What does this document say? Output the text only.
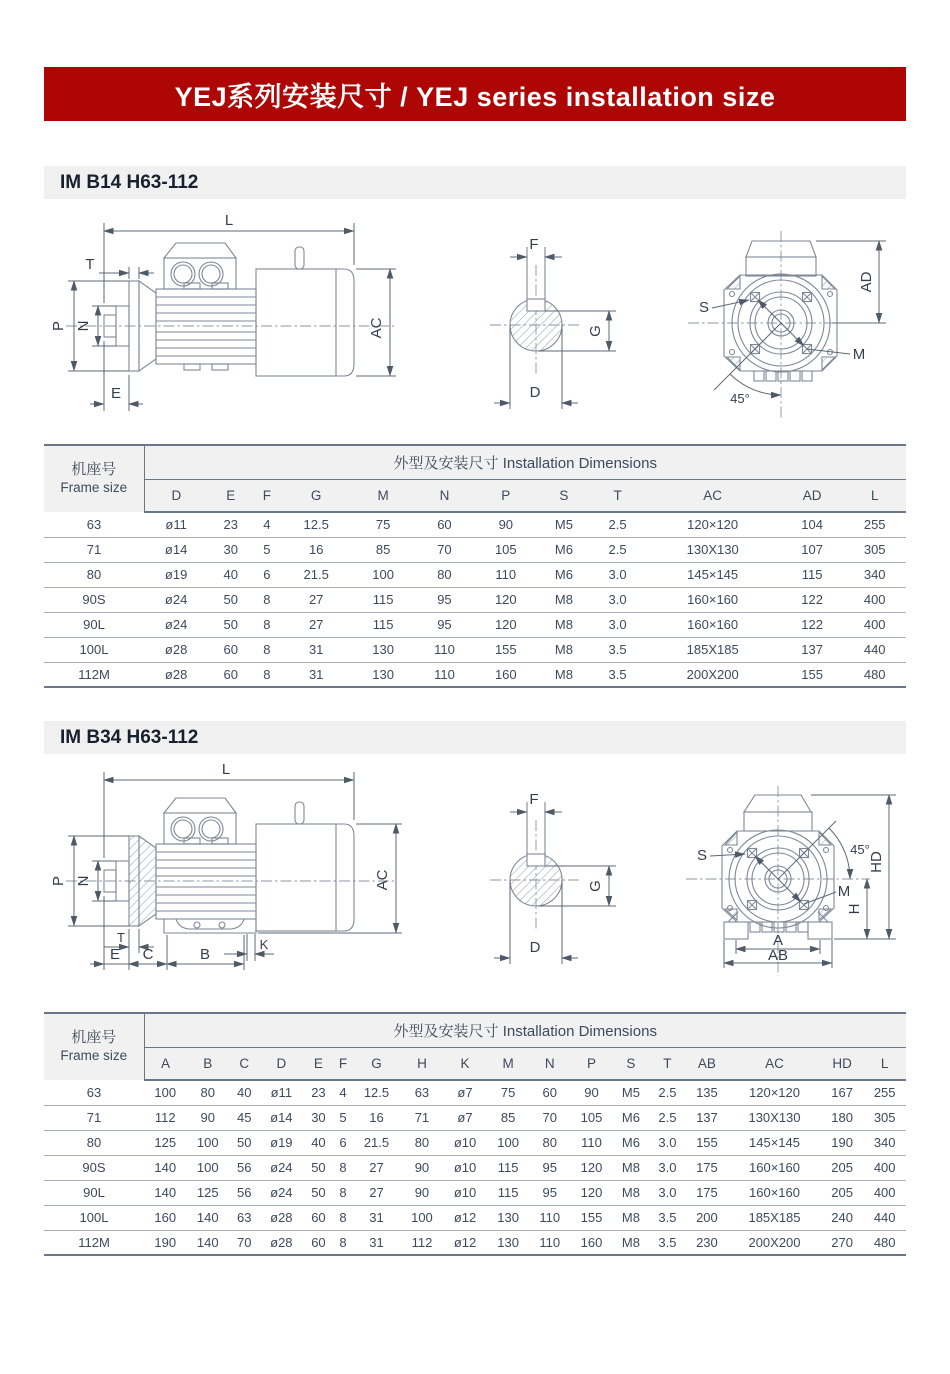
YEJ系列安装尺寸 / YEJ series installation size
IM B14 H63-112
L
T
P N
E
AC
F
G
D
S
M
AD
45°
机座号
Frame size	外型及安装尺寸 Installation Dimensions											
	D	E	F	G	M	N	P	S	T	AC	AD	L
63	ø11	23	4	12.5	75	60	90	M5	2.5	120×120	104	255
71	ø14	30	5	16	85	70	105	M6	2.5	130X130	107	305
80	ø19	40	6	21.5	100	80	110	M6	3.0	145×145	115	340
90S	ø24	50	8	27	115	95	120	M8	3.0	160×160	122	400
90L	ø24	50	8	27	115	95	120	M8	3.0	160×160	122	400
100L	ø28	60	8	31	130	110	155	M8	3.5	185X185	137	440
112M	ø28	60	8	31	130	110	160	M8	3.5	200X200	155	480
IM B34 H63-112
L
P N
T
E C	B
K
AC
F
G
D
S
M
45°
HD
H
A
AB
机座号
Frame size	外型及安装尺寸 Installation Dimensions																	
	A	B	C	D	E	F	G	H	K	M	N	P	S	T	AB	AC	HD	L
63	100	80	40	ø11	23	4	12.5	63	ø7	75	60	90	M5	2.5	135	120×120	167	255
71	112	90	45	ø14	30	5	16	71	ø7	85	70	105	M6	2.5	137	130X130	180	305
80	125	100	50	ø19	40	6	21.5	80	ø10	100	80	110	M6	3.0	155	145×145	190	340
90S	140	100	56	ø24	50	8	27	90	ø10	115	95	120	M8	3.0	175	160×160	205	400
90L	140	125	56	ø24	50	8	27	90	ø10	115	95	120	M8	3.0	175	160×160	205	400
100L	160	140	63	ø28	60	8	31	100	ø12	130	110	155	M8	3.5	200	185X185	240	440
112M	190	140	70	ø28	60	8	31	112	ø12	130	110	160	M8	3.5	230	200X200	270	480
